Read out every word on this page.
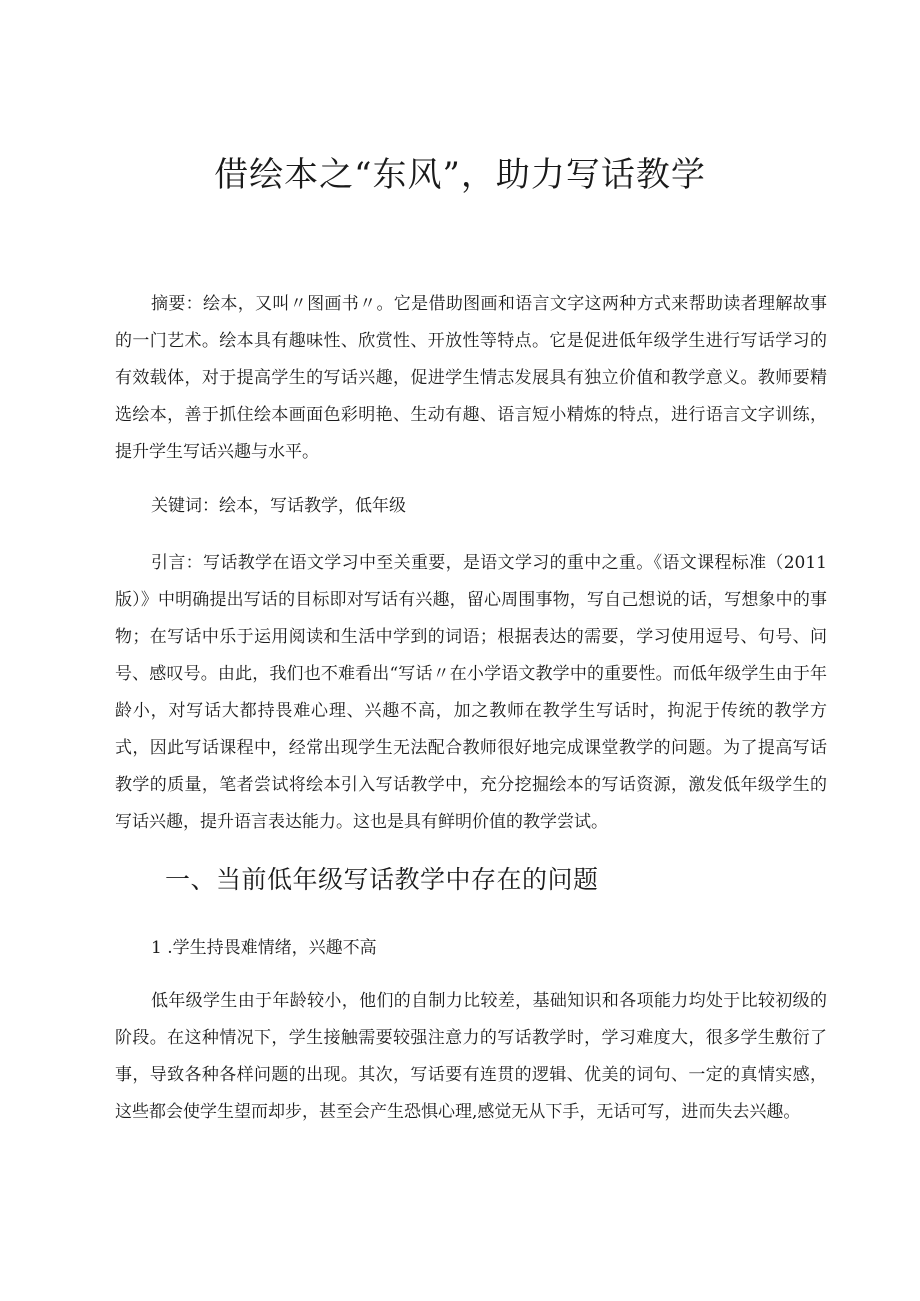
借绘本之“东风”，助力写话教学

摘要：绘本，又叫〃图画书〃。它是借助图画和语言文字这两种方式来帮助读者理解故事的一门艺术。绘本具有趣味性、欣赏性、开放性等特点。它是促进低年级学生进行写话学习的有效载体，对于提高学生的写话兴趣，促进学生情志发展具有独立价值和教学意义。教师要精选绘本，善于抓住绘本画面色彩明艳、生动有趣、语言短小精炼的特点，进行语言文字训练，提升学生写话兴趣与水平。

关键词：绘本，写话教学，低年级

引言：写话教学在语文学习中至关重要，是语文学习的重中之重。《语文课程标准（2011版）》中明确提出写话的目标即对写话有兴趣，留心周围事物，写自己想说的话，写想象中的事物；在写话中乐于运用阅读和生活中学到的词语；根据表达的需要，学习使用逗号、句号、问号、感叹号。由此，我们也不难看出“写话〃在小学语文教学中的重要性。而低年级学生由于年龄小，对写话大都持畏难心理、兴趣不高，加之教师在教学生写话时，拘泥于传统的教学方式，因此写话课程中，经常出现学生无法配合教师很好地完成课堂教学的问题。为了提高写话教学的质量，笔者尝试将绘本引入写话教学中，充分挖掘绘本的写话资源，激发低年级学生的写话兴趣，提升语言表达能力。这也是具有鲜明价值的教学尝试。

一、当前低年级写话教学中存在的问题
1 .学生持畏难情绪，兴趣不高

低年级学生由于年龄较小，他们的自制力比较差，基础知识和各项能力均处于比较初级的阶段。在这种情况下，学生接触需要较强注意力的写话教学时，学习难度大，很多学生敷衍了事，导致各种各样问题的出现。其次，写话要有连贯的逻辑、优美的词句、一定的真情实感，这些都会使学生望而却步，甚至会产生恐惧心理,感觉无从下手，无话可写，进而失去兴趣。
